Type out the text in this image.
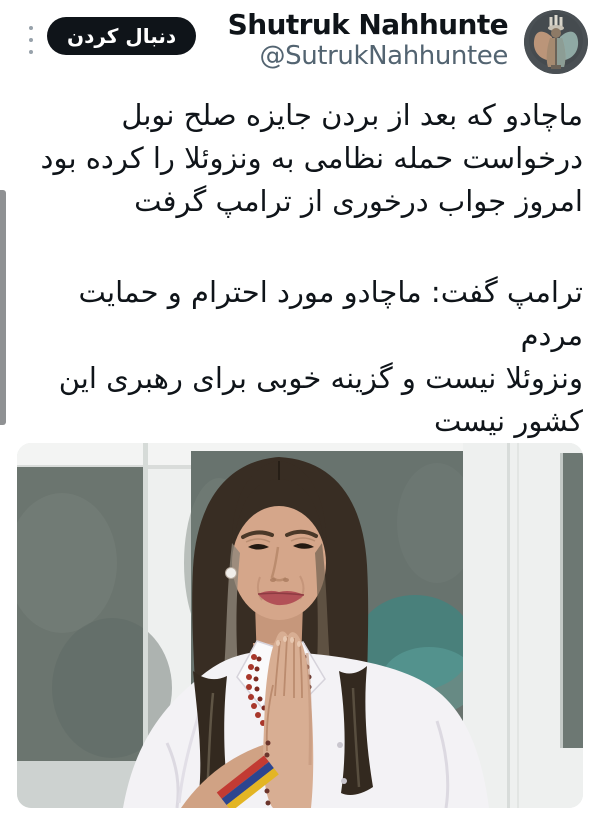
دنبال کردن	Shutruk Nahhunte
@SutrukNahhuntee

ماچادو که بعد از بردن جایزه صلح نوبل
درخواست حمله نظامی به ونزوئلا را کرده بود
امروز جواب درخوری از ترامپ گرفت

ترامپ گفت: ماچادو مورد احترام و حمایت مردم
ونزوئلا نیست و گزینه خوبی برای رهبری این
کشور نیست
